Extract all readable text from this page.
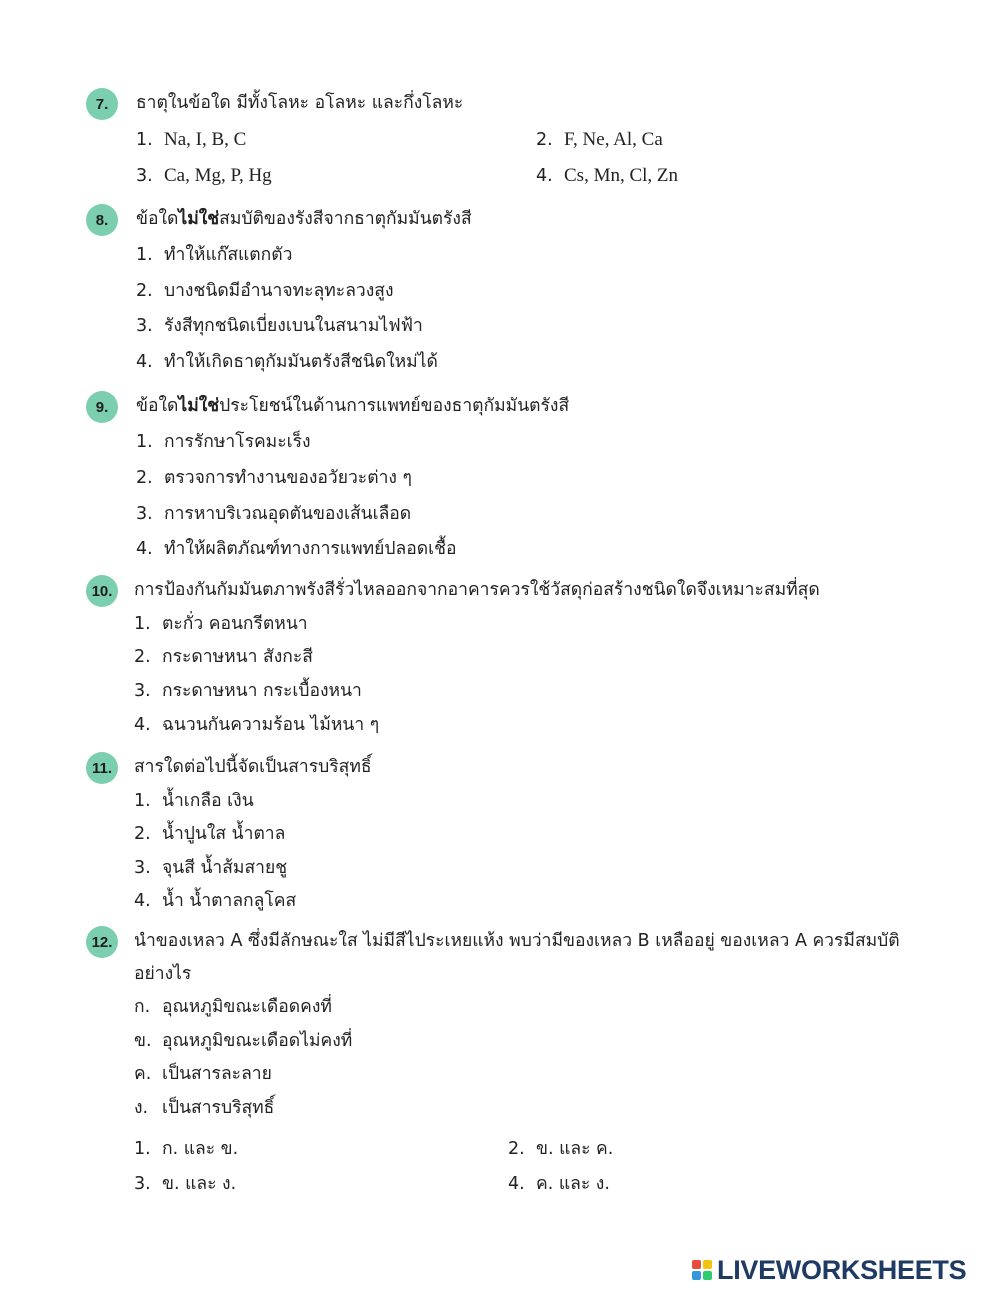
7.	ธาตุในข้อใด มีทั้งโลหะ อโลหะ และกึ่งโลหะ
1. Na, I, B, C	2. F, Ne, Al, Ca
3. Ca, Mg, P, Hg	4. Cs, Mn, Cl, Zn
8.	ข้อใดไม่ใช่สมบัติของรังสีจากธาตุกัมมันตรังสี
1. ทำให้แก๊สแตกตัว
2. บางชนิดมีอำนาจทะลุทะลวงสูง
3. รังสีทุกชนิดเบี่ยงเบนในสนามไฟฟ้า
4. ทำให้เกิดธาตุกัมมันตรังสีชนิดใหม่ได้
9.	ข้อใดไม่ใช่ประโยชน์ในด้านการแพทย์ของธาตุกัมมันตรังสี
1. การรักษาโรคมะเร็ง
2. ตรวจการทำงานของอวัยวะต่าง ๆ
3. การหาบริเวณอุดตันของเส้นเลือด
4. ทำให้ผลิตภัณฑ์ทางการแพทย์ปลอดเชื้อ
10.	การป้องกันกัมมันตภาพรังสีรั่วไหลออกจากอาคารควรใช้วัสดุก่อสร้างชนิดใดจึงเหมาะสมที่สุด
1. ตะกั่ว คอนกรีตหนา
2. กระดาษหนา สังกะสี
3. กระดาษหนา กระเบื้องหนา
4. ฉนวนกันความร้อน ไม้หนา ๆ
11.	สารใดต่อไปนี้จัดเป็นสารบริสุทธิ์
1. น้ำเกลือ เงิน
2. น้ำปูนใส น้ำตาล
3. จุนสี น้ำส้มสายชู
4. น้ำ น้ำตาลกลูโคส
12.	นำของเหลว A ซึ่งมีลักษณะใส ไม่มีสีไประเหยแห้ง พบว่ามีของเหลว B เหลืออยู่ ของเหลว A ควรมีสมบัติอย่างไร
ก. อุณหภูมิขณะเดือดคงที่
ข. อุณหภูมิขณะเดือดไม่คงที่
ค. เป็นสารละลาย
ง. เป็นสารบริสุทธิ์
1. ก. และ ข.	2. ข. และ ค.
3. ข. และ ง.	4. ค. และ ง.
LIVEWORKSHEETS
